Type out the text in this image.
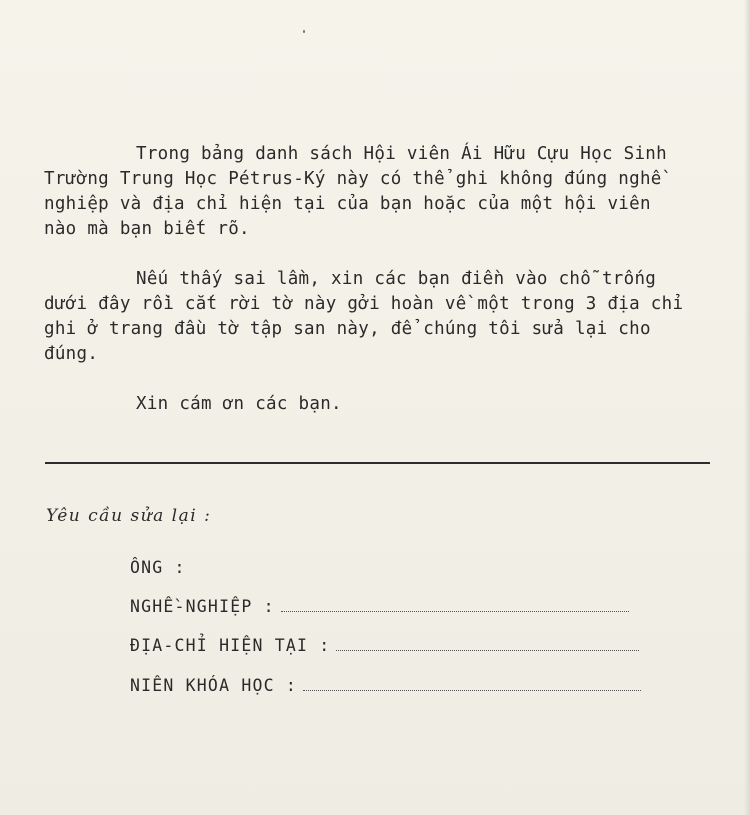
Trong bảng danh sách Hội viên Ái Hữu Cựu Học Sinh
Trường Trung Học Pétrus-Ký này có thể ghi không đúng nghề
nghiệp và địa chỉ hiện tại của bạn hoặc của một hội viên
nào mà bạn biết rõ.
Nếu thấy sai lầm, xin các bạn điền vào chỗ trống
dưới đây rồi cắt rời tờ này gởi hoàn về một trong 3 địa chỉ
ghi ở trang đầu tờ tập san này, để chúng tôi sửa lại cho
đúng.
Xin cám ơn các bạn.
Yêu cầu sửa lại :
ÔNG :
NGHỀ-NGHIỆP :
ĐỊA-CHỈ HIỆN TẠI :
NIÊN KHÓA HỌC :
